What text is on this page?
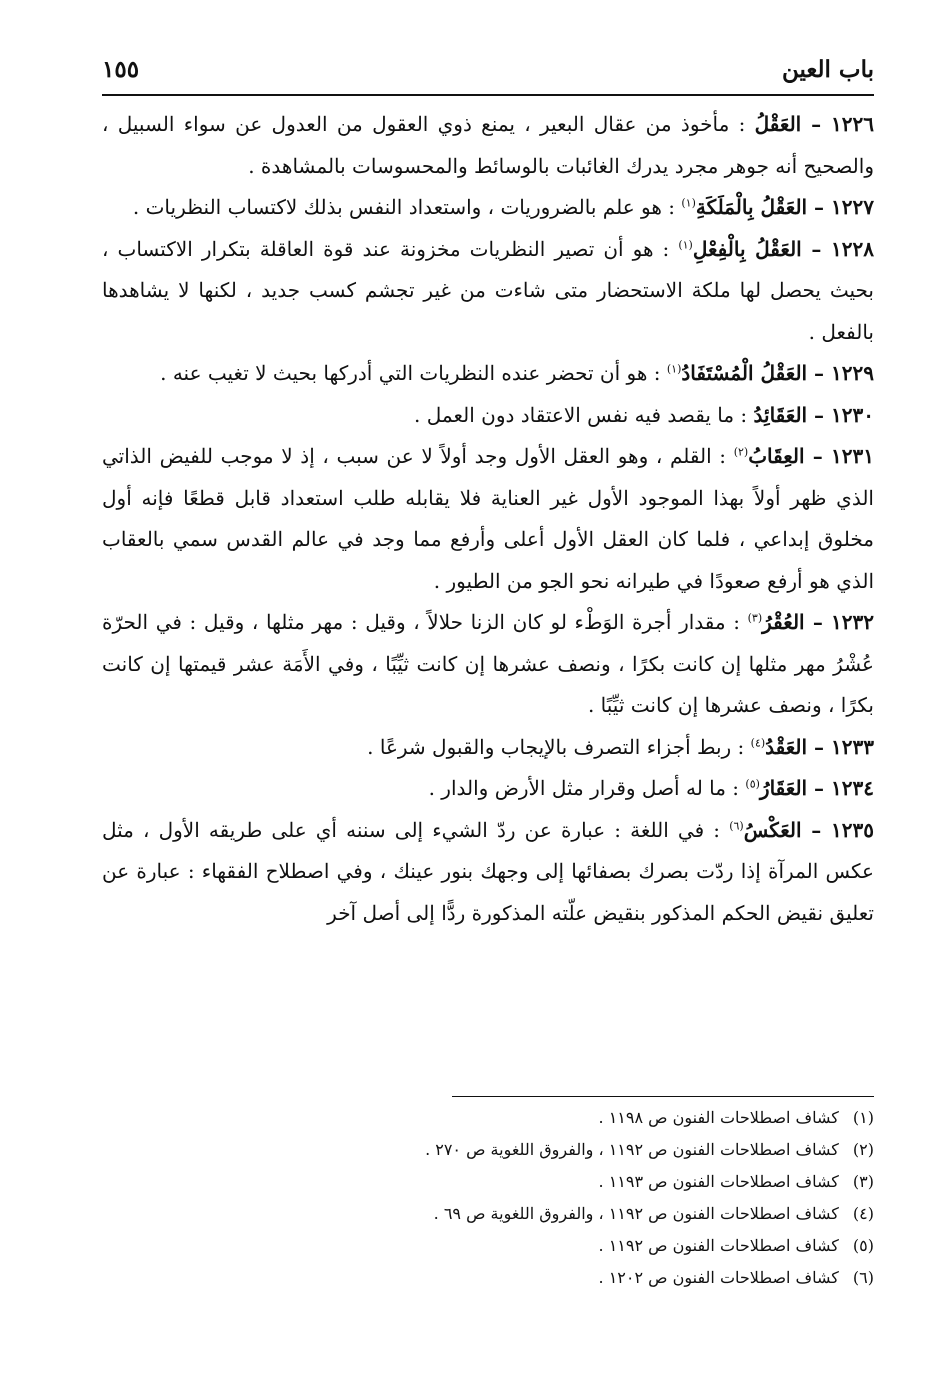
باب العين
١٥٥

١٢٢٦ – العَقْلُ : مأخوذ من عقال البعير ، يمنع ذوي العقول من العدول عن سواء السبيل ، والصحيح أنه جوهر مجرد يدرك الغائبات بالوسائط والمحسوسات بالمشاهدة .

١٢٢٧ – العَقْلُ بِالْمَلَكَةِ$^{(١)}$ : هو علم بالضروريات ، واستعداد النفس بذلك لاكتساب النظريات .

١٢٢٨ – العَقْلُ بِالْفِعْلِ$^{(١)}$ : هو أن تصير النظريات مخزونة عند قوة العاقلة بتكرار الاكتساب ، بحيث يحصل لها ملكة الاستحضار متى شاءت من غير تجشم كسب جديد ، لكنها لا يشاهدها بالفعل .

١٢٢٩ – العَقْلُ الْمُسْتَفَادُ$^{(١)}$ : هو أن تحضر عنده النظريات التي أدركها بحيث لا تغيب عنه .

١٢٣٠ – العَقَائِدُ : ما يقصد فيه نفس الاعتقاد دون العمل .

١٢٣١ – العِقَابُ$^{(٢)}$ : القلم ، وهو العقل الأول وجد أولاً لا عن سبب ، إذ لا موجب للفيض الذاتي الذي ظهر أولاً بهذا الموجود الأول غير العناية فلا يقابله طلب استعداد قابل قطعًا فإنه أول مخلوق إبداعي ، فلما كان العقل الأول أعلى وأرفع مما وجد في عالم القدس سمي بالعقاب الذي هو أرفع صعودًا في طيرانه نحو الجو من الطيور .

١٢٣٢ – العُقْرُ$^{(٣)}$ : مقدار أجرة الوَطْء لو كان الزنا حلالاً ، وقيل : مهر مثلها ، وقيل : في الحرّة عُشْرُ مهر مثلها إن كانت بكرًا ، ونصف عشرها إن كانت ثيِّبًا ، وفي الأَمَة عشر قيمتها إن كانت بكرًا ، ونصف عشرها إن كانت ثيِّبًا .

١٢٣٣ – العَقْدُ$^{(٤)}$ : ربط أجزاء التصرف بالإيجاب والقبول شرعًا .

١٢٣٤ – العَقَارُ$^{(٥)}$ : ما له أصل وقرار مثل الأرض والدار .

١٢٣٥ – العَكْسُ$^{(٦)}$ : في اللغة : عبارة عن ردّ الشيء إلى سننه أي على طريقه الأول ، مثل عكس المرآة إذا ردّت بصرك بصفائها إلى وجهك بنور عينك ، وفي اصطلاح الفقهاء : عبارة عن تعليق نقيض الحكم المذكور بنقيض علّته المذكورة ردًّا إلى أصل آخر

(١) كشاف اصطلاحات الفنون ص ١١٩٨ .

(٢) كشاف اصطلاحات الفنون ص ١١٩٢ ، والفروق اللغوية ص ٢٧٠ .

(٣) كشاف اصطلاحات الفنون ص ١١٩٣ .

(٤) كشاف اصطلاحات الفنون ص ١١٩٢ ، والفروق اللغوية ص ٦٩ .

(٥) كشاف اصطلاحات الفنون ص ١١٩٢ .

(٦) كشاف اصطلاحات الفنون ص ١٢٠٢ .
